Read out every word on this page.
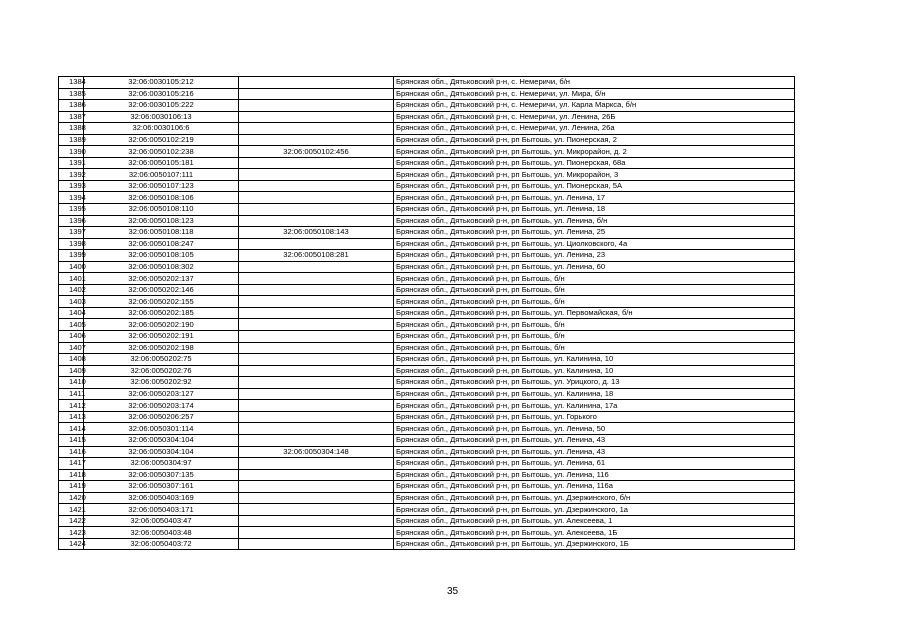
1384	32:06:0030105:212		Брянская обл., Дятьковский р-н, с. Немеричи, б/н
1385	32:06:0030105:216		Брянская обл., Дятьковский р-н, с. Немеричи, ул. Мира, б/н
1386	32:06:0030105:222		Брянская обл., Дятьковский р-н, с. Немеричи, ул. Карла Маркса, б/н
1387	32:06:0030106:13		Брянская обл., Дятьковский р-н, с. Немеричи, ул. Ленина, 26Б
1388	32:06:0030106:6		Брянская обл., Дятьковский р-н, с. Немеричи, ул. Ленина, 26а
1389	32:06:0050102:219		Брянская обл., Дятьковский р-н, рп Бытошь, ул. Пионерская, 2
1390	32:06:0050102:238	32:06:0050102:456	Брянская обл., Дятьковский р-н, рп Бытошь, ул. Микрорайон, д. 2
1391	32:06:0050105:181		Брянская обл., Дятьковский р-н, рп Бытошь, ул. Пионерская, 68а
1392	32:06:0050107:111		Брянская обл., Дятьковский р-н, рп Бытошь, ул. Микрорайон, 3
1393	32:06:0050107:123		Брянская обл., Дятьковский р-н, рп Бытошь, ул. Пионерская, 5А
1394	32:06:0050108:106		Брянская обл., Дятьковский р-н, рп Бытошь, ул. Ленина, 17
1395	32:06:0050108:110		Брянская обл., Дятьковский р-н, рп Бытошь, ул. Ленина, 18
1396	32:06:0050108:123		Брянская обл., Дятьковский р-н, рп Бытошь, ул. Ленина, б/н
1397	32:06:0050108:118	32:06:0050108:143	Брянская обл., Дятьковский р-н, рп Бытошь, ул. Ленина, 25
1398	32:06:0050108:247		Брянская обл., Дятьковский р-н, рп Бытошь, ул. Циолковского, 4а
1399	32:06:0050108:105	32:06:0050108:281	Брянская обл., Дятьковский р-н, рп Бытошь, ул. Ленина, 23
1400	32:06:0050108:302		Брянская обл., Дятьковский р-н, рп Бытошь, ул. Ленина, 60
1401	32:06:0050202:137		Брянская обл., Дятьковский р-н, рп Бытошь, б/н
1402	32:06:0050202:146		Брянская обл., Дятьковский р-н, рп Бытошь, б/н
1403	32:06:0050202:155		Брянская обл., Дятьковский р-н, рп Бытошь, б/н
1404	32:06:0050202:185		Брянская обл., Дятьковский р-н, рп Бытошь, ул. Первомайская, б/н
1405	32:06:0050202:190		Брянская обл., Дятьковский р-н, рп Бытошь, б/н
1406	32:06:0050202:191		Брянская обл., Дятьковский р-н, рп Бытошь, б/н
1407	32:06:0050202:198		Брянская обл., Дятьковский р-н, рп Бытошь, б/н
1408	32:06:0050202:75		Брянская обл., Дятьковский р-н, рп Бытошь, ул. Калинина, 10
1409	32:06:0050202:76		Брянская обл., Дятьковский р-н, рп Бытошь, ул. Калинина, 10
1410	32:06:0050202:92		Брянская обл., Дятьковский р-н, рп Бытошь, ул. Урицкого, д. 13
1411	32:06:0050203:127		Брянская обл., Дятьковский р-н, рп Бытошь, ул. Калинина, 18
1412	32:06:0050203:174		Брянская обл., Дятьковский р-н, рп Бытошь, ул. Калинина, 17а
1413	32:06:0050206:257		Брянская обл., Дятьковский р-н, рп Бытошь, ул. Горького
1414	32:06:0050301:114		Брянская обл., Дятьковский р-н, рп Бытошь, ул. Ленина, 50
1415	32:06:0050304:104		Брянская обл., Дятьковский р-н, рп Бытошь, ул. Ленина, 43
1416	32:06:0050304:104	32:06:0050304:148	Брянская обл., Дятьковский р-н, рп Бытошь, ул. Ленина, 43
1417	32:06:0050304:97		Брянская обл., Дятьковский р-н, рп Бытошь, ул. Ленина, 61
1418	32:06:0050307:135		Брянская обл., Дятьковский р-н, рп Бытошь, ул. Ленина, 116
1419	32:06:0050307:161		Брянская обл., Дятьковский р-н, рп Бытошь, ул. Ленина, 116а
1420	32:06:0050403:169		Брянская обл., Дятьковский р-н, рп Бытошь, ул. Дзержинского, б/н
1421	32:06:0050403:171		Брянская обл., Дятьковский р-н, рп Бытошь, ул. Дзержинского, 1а
1422	32:06:0050403:47		Брянская обл., Дятьковский р-н, рп Бытошь, ул. Алексеева, 1
1423	32:06:0050403:48		Брянская обл., Дятьковский р-н, рп Бытошь, ул. Алексеева, 1Б
1424	32:06:0050403:72		Брянская обл., Дятьковский р-н, рп Бытошь, ул. Дзержинского, 1Б
35
